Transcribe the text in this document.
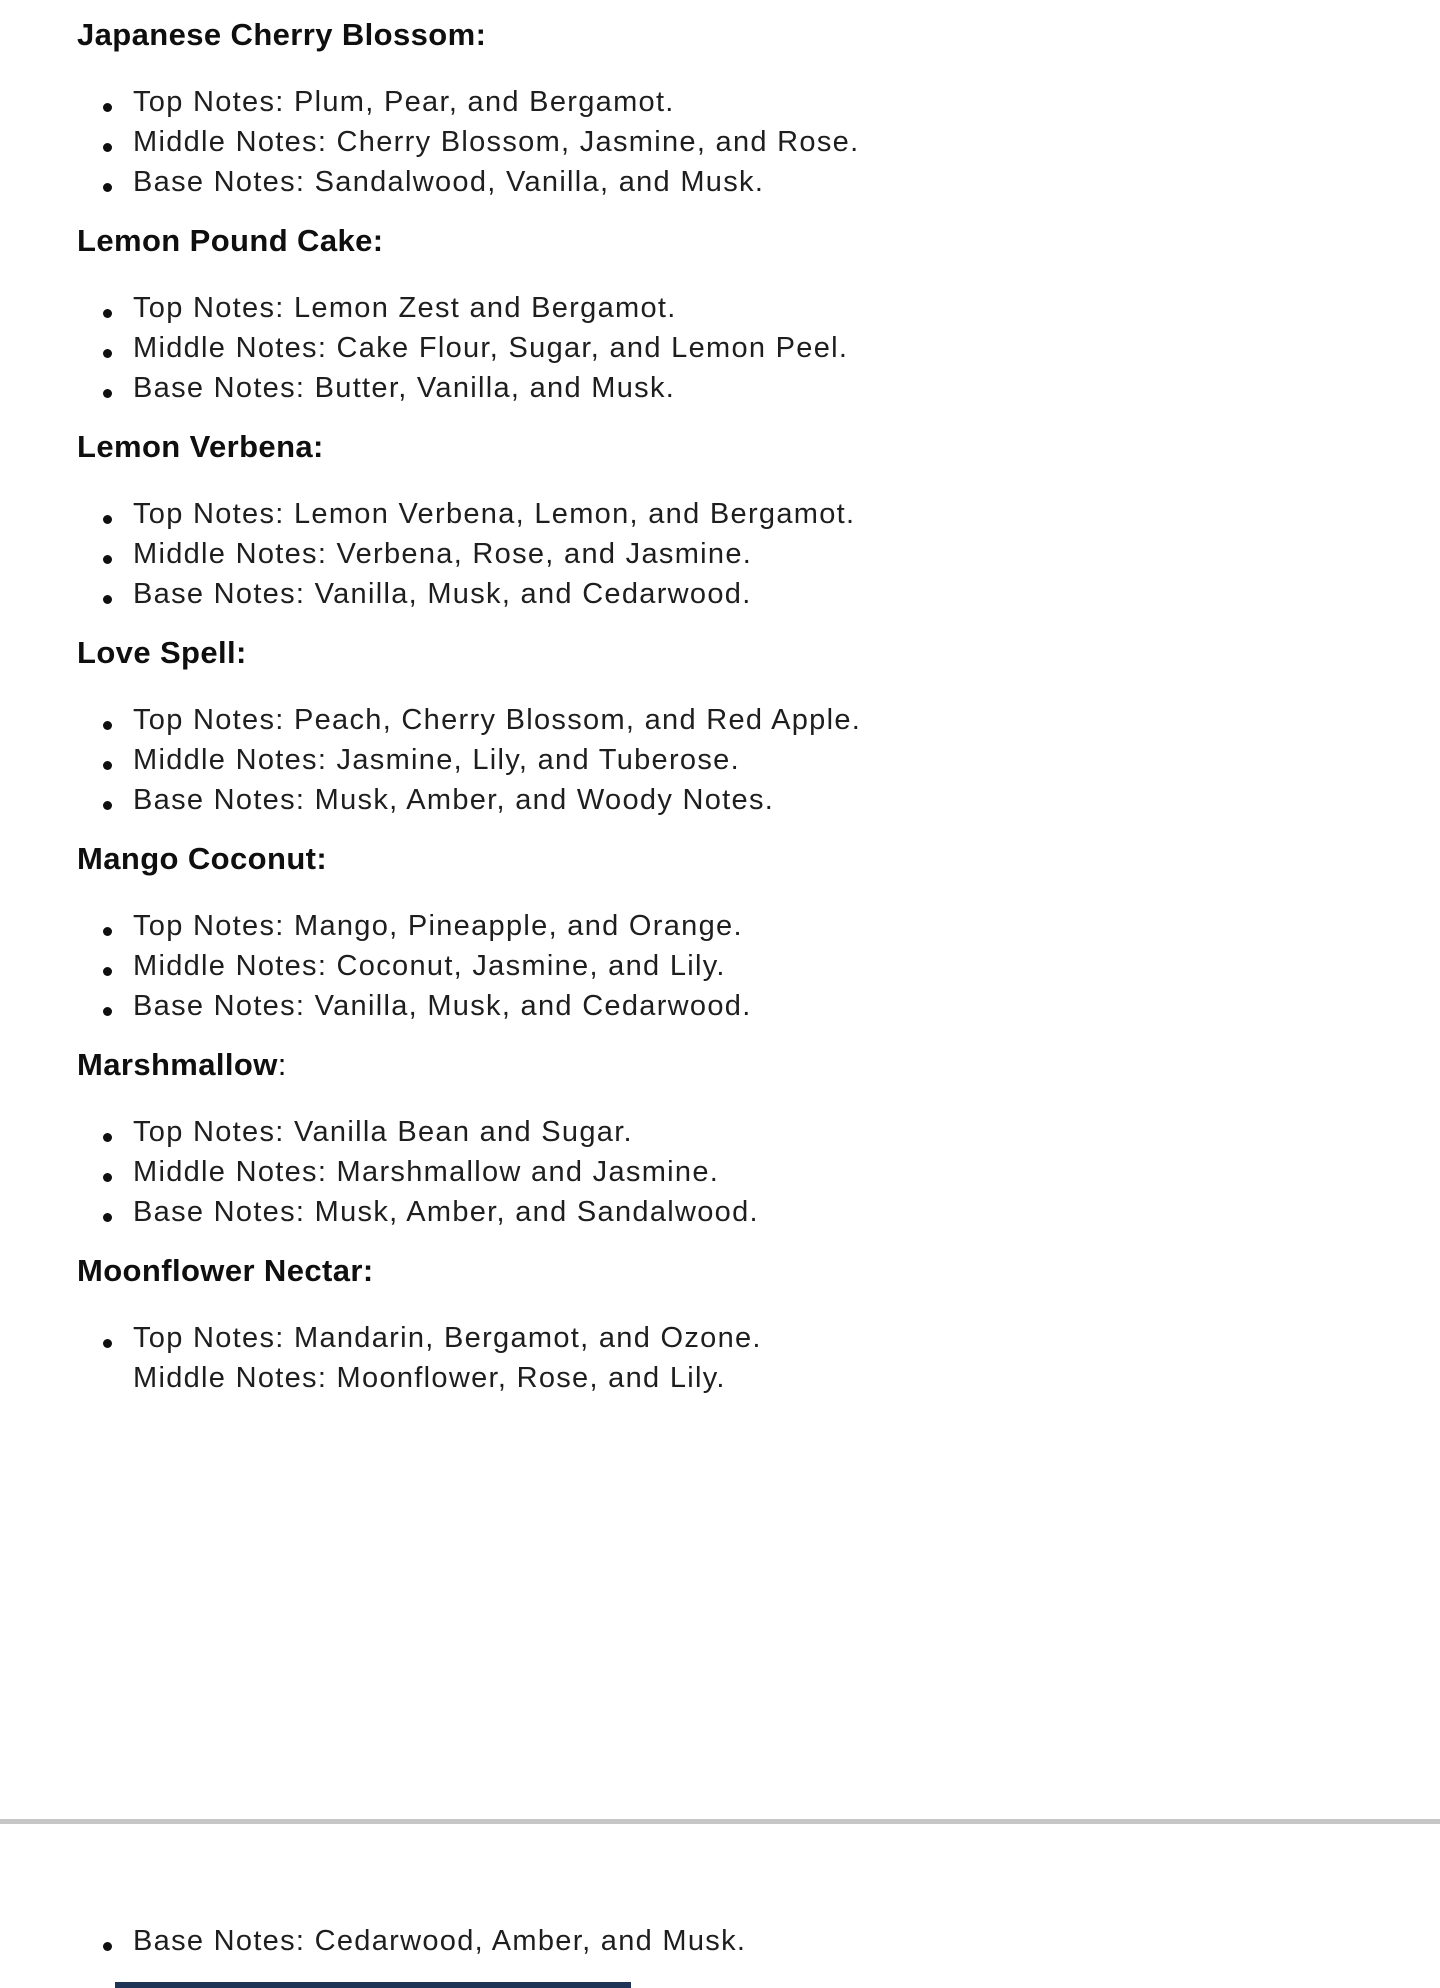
Japanese Cherry Blossom:
Top Notes: Plum, Pear, and Bergamot.
Middle Notes: Cherry Blossom, Jasmine, and Rose.
Base Notes: Sandalwood, Vanilla, and Musk.
Lemon Pound Cake:
Top Notes: Lemon Zest and Bergamot.
Middle Notes: Cake Flour, Sugar, and Lemon Peel.
Base Notes: Butter, Vanilla, and Musk.
Lemon Verbena:
Top Notes: Lemon Verbena, Lemon, and Bergamot.
Middle Notes: Verbena, Rose, and Jasmine.
Base Notes: Vanilla, Musk, and Cedarwood.
Love Spell:
Top Notes: Peach, Cherry Blossom, and Red Apple.
Middle Notes: Jasmine, Lily, and Tuberose.
Base Notes: Musk, Amber, and Woody Notes.
Mango Coconut:
Top Notes: Mango, Pineapple, and Orange.
Middle Notes: Coconut, Jasmine, and Lily.
Base Notes: Vanilla, Musk, and Cedarwood.
Marshmallow:
Top Notes: Vanilla Bean and Sugar.
Middle Notes: Marshmallow and Jasmine.
Base Notes: Musk, Amber, and Sandalwood.
Moonflower Nectar:
Top Notes: Mandarin, Bergamot, and Ozone.
Middle Notes: Moonflower, Rose, and Lily.
Base Notes: Cedarwood, Amber, and Musk.
